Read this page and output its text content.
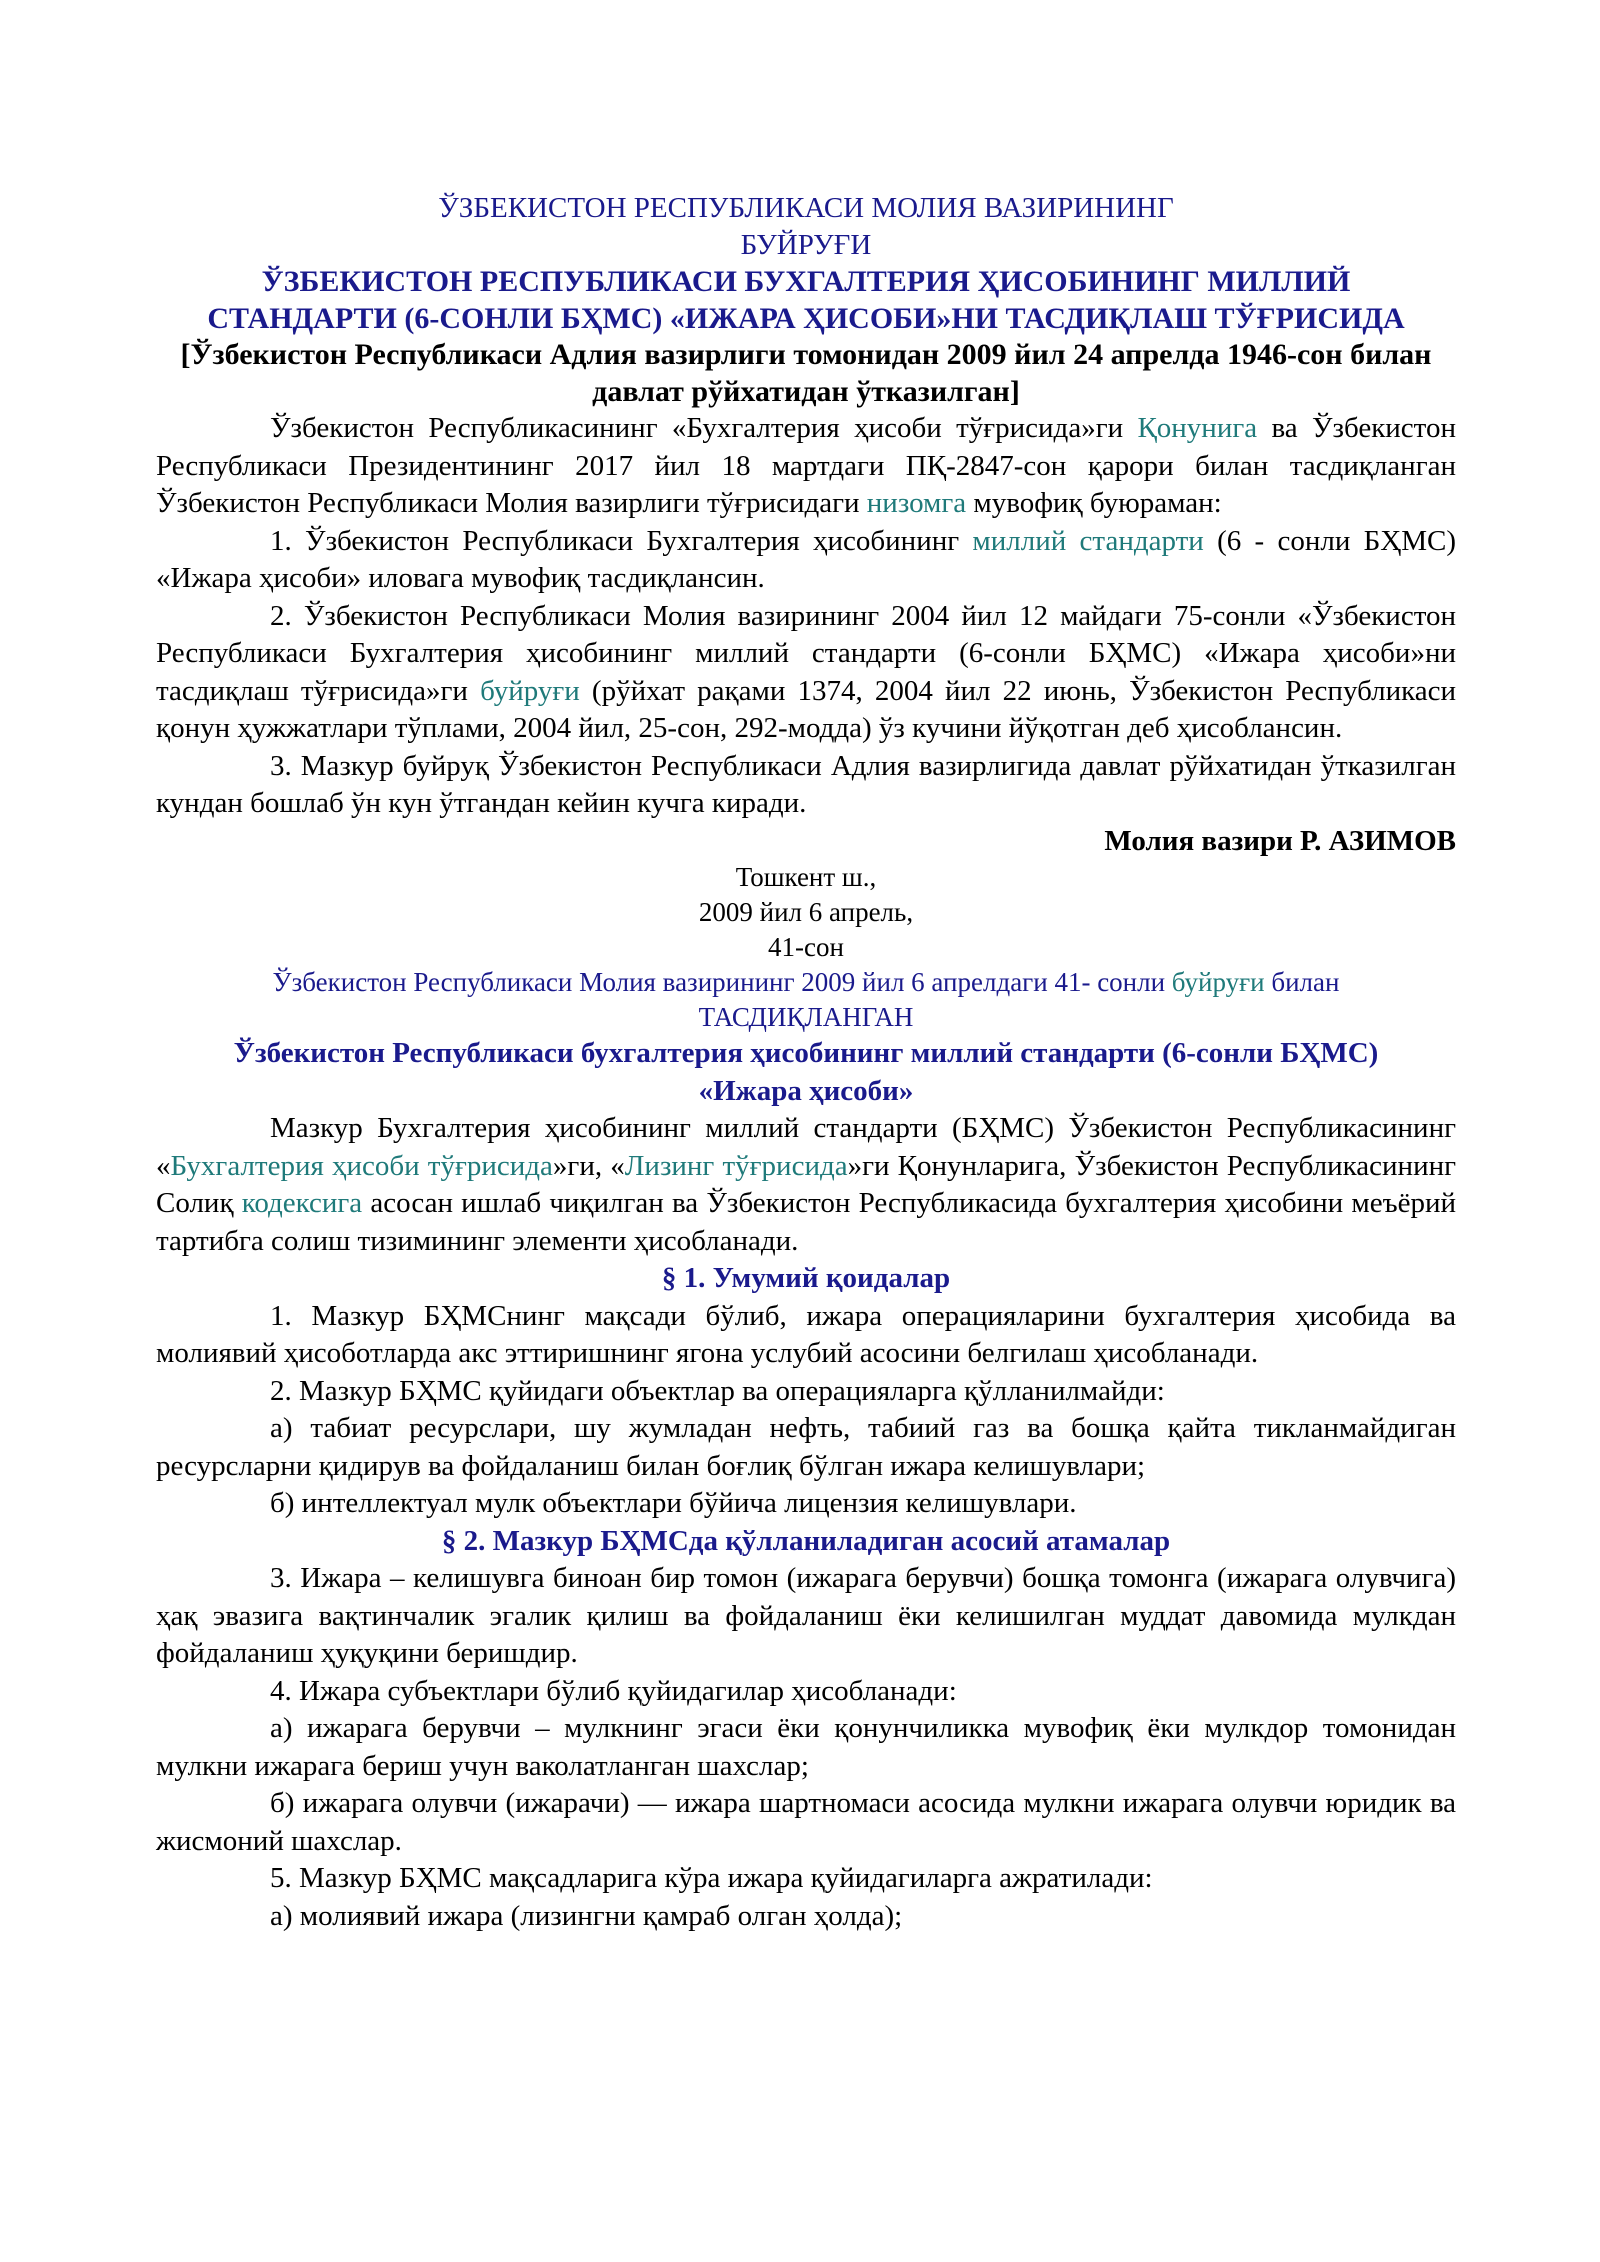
ЎЗБЕКИСТОН РЕСПУБЛИКАСИ МОЛИЯ ВАЗИРИНИНГ
БУЙРУҒИ
ЎЗБЕКИСТОН РЕСПУБЛИКАСИ БУХГАЛТЕРИЯ ҲИСОБИНИНГ МИЛЛИЙ СТАНДАРТИ (6-СОНЛИ БҲМС) «ИЖАРА ҲИСОБИ»НИ ТАСДИҚЛАШ ТЎҒРИСИДА
[Ўзбекистон Республикаси Адлия вазирлиги томонидан 2009 йил 24 апрелда 1946-сон билан давлат рўйхатидан ўтказилган]

Ўзбекистон Республикасининг «Бухгалтерия ҳисоби тўғрисида»ги Қонунига ва Ўзбекистон Республикаси Президентининг 2017 йил 18 мартдаги ПҚ-2847-сон қарори билан тасдиқланган Ўзбекистон Республикаси Молия вазирлиги тўғрисидаги низомга мувофиқ буюраман:

1. Ўзбекистон Республикаси Бухгалтерия ҳисобининг миллий стандарти (6 - сонли БҲМС) «Ижара ҳисоби» иловага мувофиқ тасдиқлансин.

2. Ўзбекистон Республикаси Молия вазирининг 2004 йил 12 майдаги 75-сонли «Ўзбекистон Республикаси Бухгалтерия ҳисобининг миллий стандарти (6-сонли БҲМС) «Ижара ҳисоби»ни тасдиқлаш тўғрисида»ги буйруғи (рўйхат рақами 1374, 2004 йил 22 июнь, Ўзбекистон Республикаси қонун ҳужжатлари тўплами, 2004 йил, 25-сон, 292-модда) ўз кучини йўқотган деб ҳисоблансин.

3. Мазкур буйруқ Ўзбекистон Республикаси Адлия вазирлигида давлат рўйхатидан ўтказилган кундан бошлаб ўн кун ўтгандан кейин кучга киради.

Молия вазири Р. АЗИМОВ
Тошкент ш.,
2009 йил 6 апрель,
41-сон
Ўзбекистон Республикаси Молия вазирининг 2009 йил 6 апрелдаги 41- сонли буйруғи билан
ТАСДИҚЛАНГАН
Ўзбекистон Республикаси бухгалтерия ҳисобининг миллий стандарти (6-сонли БҲМС)
«Ижара ҳисоби»

Мазкур Бухгалтерия ҳисобининг миллий стандарти (БҲМС) Ўзбекистон Республикасининг «Бухгалтерия ҳисоби тўғрисида»ги, «Лизинг тўғрисида»ги Қонунларига, Ўзбекистон Республикасининг Солиқ кодексига асосан ишлаб чиқилган ва Ўзбекистон Республикасида бухгалтерия ҳисобини меъёрий тартибга солиш тизимининг элементи ҳисобланади.

§ 1. Умумий қоидалар

1. Мазкур БҲМСнинг мақсади бўлиб, ижара операцияларини бухгалтерия ҳисобида ва молиявий ҳисоботларда акс эттиришнинг ягона услубий асосини белгилаш ҳисобланади.

2. Мазкур БҲМС қуйидаги объектлар ва операцияларга қўлланилмайди:

а) табиат ресурслари, шу жумладан нефть, табиий газ ва бошқа қайта тикланмайдиган ресурсларни қидирув ва фойдаланиш билан боғлиқ бўлган ижара келишувлари;

б) интеллектуал мулк объектлари бўйича лицензия келишувлари.

§ 2. Мазкур БҲМСда қўлланиладиган асосий атамалар

3. Ижара – келишувга биноан бир томон (ижарага берувчи) бошқа томонга (ижарага олувчига) ҳақ эвазига вақтинчалик эгалик қилиш ва фойдаланиш ёки келишилган муддат давомида мулкдан фойдаланиш ҳуқуқини беришдир.

4. Ижара субъектлари бўлиб қуйидагилар ҳисобланади:

а) ижарага берувчи – мулкнинг эгаси ёки қонунчиликка мувофиқ ёки мулкдор томонидан мулкни ижарага бериш учун ваколатланган шахслар;

б) ижарага олувчи (ижарачи) — ижара шартномаси асосида мулкни ижарага олувчи юридик ва жисмоний шахслар.

5. Мазкур БҲМС мақсадларига кўра ижара қуйидагиларга ажратилади:

а) молиявий ижара (лизингни қамраб олган ҳолда);
